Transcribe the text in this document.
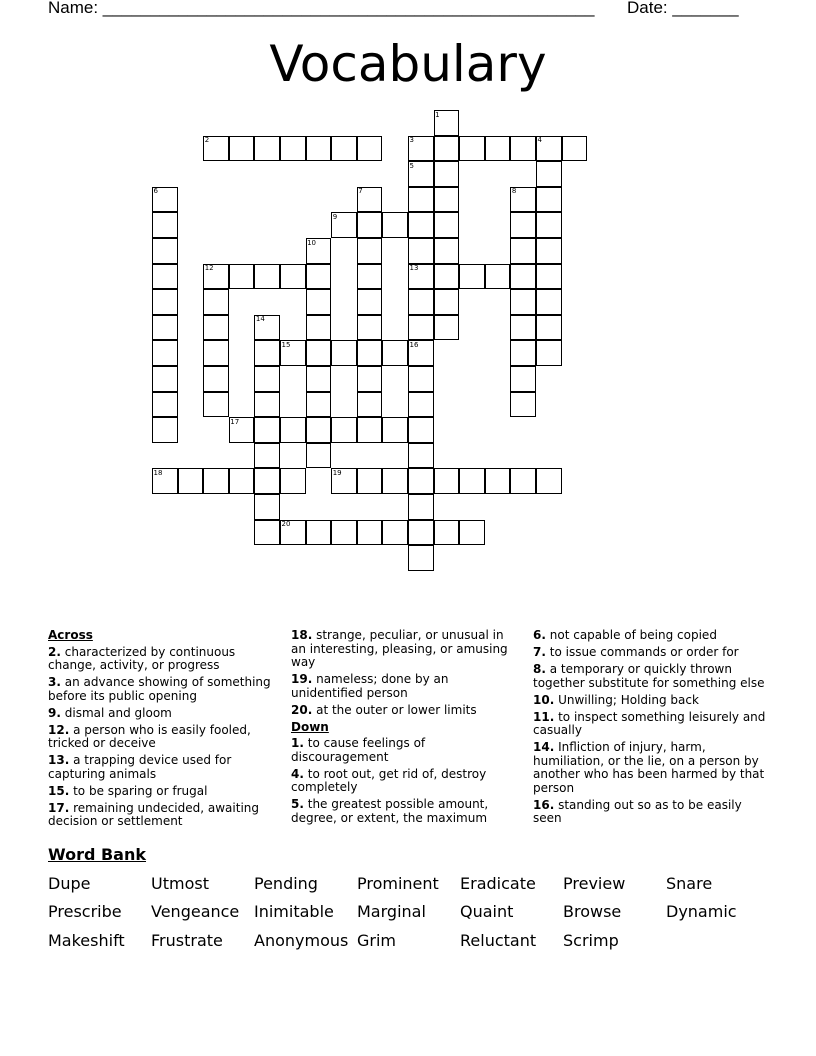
Name: ____________________________________________________ Date: _______
Vocabulary
1
2	3	4
5
6	7	8
9
10
12	13
14
15	16
17
18	19
20
Across
2. characterized by continuous change, activity, or progress
3. an advance showing of something before its public opening
9. dismal and gloom
12. a person who is easily fooled, tricked or deceive
13. a trapping device used for capturing animals
15. to be sparing or frugal
17. remaining undecided, awaiting decision or settlement
18. strange, peculiar, or unusual in an interesting, pleasing, or amusing way
19. nameless; done by an unidentified person
20. at the outer or lower limits
Down
1. to cause feelings of discouragement
4. to root out, get rid of, destroy completely
5. the greatest possible amount, degree, or extent, the maximum
6. not capable of being copied
7. to issue commands or order for
8. a temporary or quickly thrown together substitute for something else
10. Unwilling; Holding back
11. to inspect something leisurely and casually
14. Infliction of injury, harm, humiliation, or the lie, on a person by another who has been harmed by that person
16. standing out so as to be easily seen
Word Bank
Dupe	Utmost	Pending Prominent Eradicate Preview	Snare
Prescribe Vengeance Inimitable Marginal Quaint	Browse	Dynamic
Makeshift Frustrate Anonymous Grim	Reluctant Scrimp
